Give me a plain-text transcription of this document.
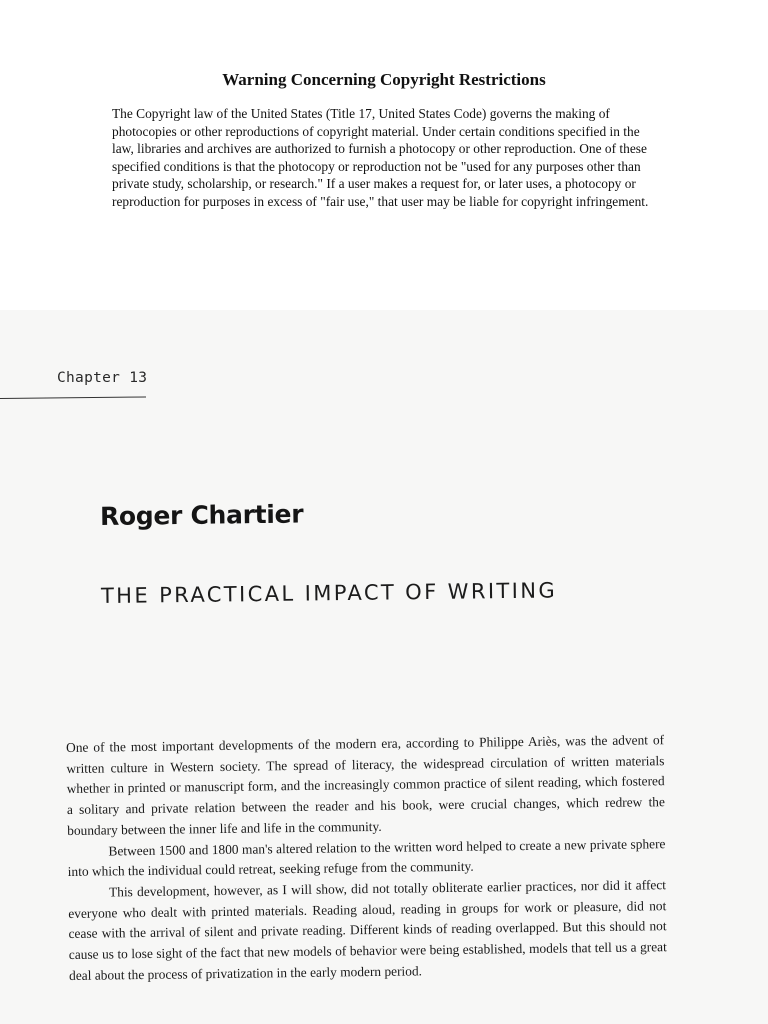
Warning Concerning Copyright Restrictions
The Copyright law of the United States (Title 17, United States Code) governs the making of photocopies or other reproductions of copyright material. Under certain conditions specified in the law, libraries and archives are authorized to furnish a photocopy or other reproduction. One of these specified conditions is that the photocopy or reproduction not be "used for any purposes other than private study, scholarship, or research." If a user makes a request for, or later uses, a photocopy or reproduction for purposes in excess of "fair use," that user may be liable for copyright infringement.
Chapter 13
Roger Chartier
THE PRACTICAL IMPACT OF WRITING

One of the most important developments of the modern era, according to Philippe Ariès, was the advent of written culture in Western society. The spread of literacy, the widespread circulation of written materials whether in printed or manuscript form, and the increasingly common practice of silent reading, which fostered a solitary and private relation between the reader and his book, were crucial changes, which redrew the boundary between the inner life and life in the community.

Between 1500 and 1800 man's altered relation to the written word helped to create a new private sphere into which the individual could retreat, seeking refuge from the community.

This development, however, as I will show, did not totally obliterate earlier practices, nor did it affect everyone who dealt with printed materials. Reading aloud, reading in groups for work or pleasure, did not cease with the arrival of silent and private reading. Different kinds of reading overlapped. But this should not cause us to lose sight of the fact that new models of behavior were being established, models that tell us a great deal about the process of privatization in the early modern period.
